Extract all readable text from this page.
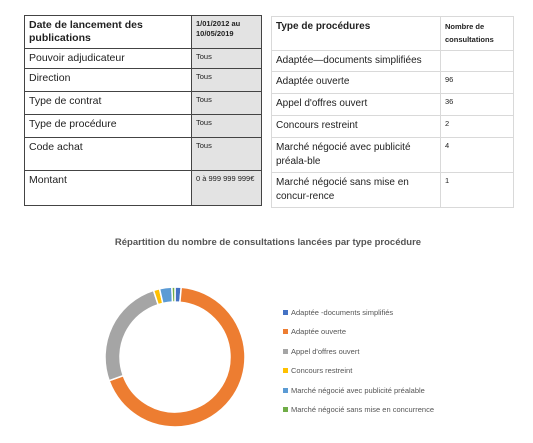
Date de lancement des publications	1/01/2012 au 10/05/2019
Pouvoir adjudicateur	Tous
Direction	Tous
Type de contrat	Tous
Type de procédure	Tous
Code achat	Tous
Montant	0 à 999 999 999€
Type de procédures	Nombre de consultations
Adaptée—documents simplifiées	
Adaptée ouverte	96
Appel d'offres ouvert	36
Concours restreint	2
Marché négocié avec publicité préala-ble	4
Marché négocié sans mise en concur-rence	1
Répartition du nombre de consultations lancées par type procédure
Adaptée -documents simplifiés
Adaptée ouverte
Appel d'offres ouvert
Concours restreint
Marché négocié avec publicité préalable
Marché négocié sans mise en concurrence
